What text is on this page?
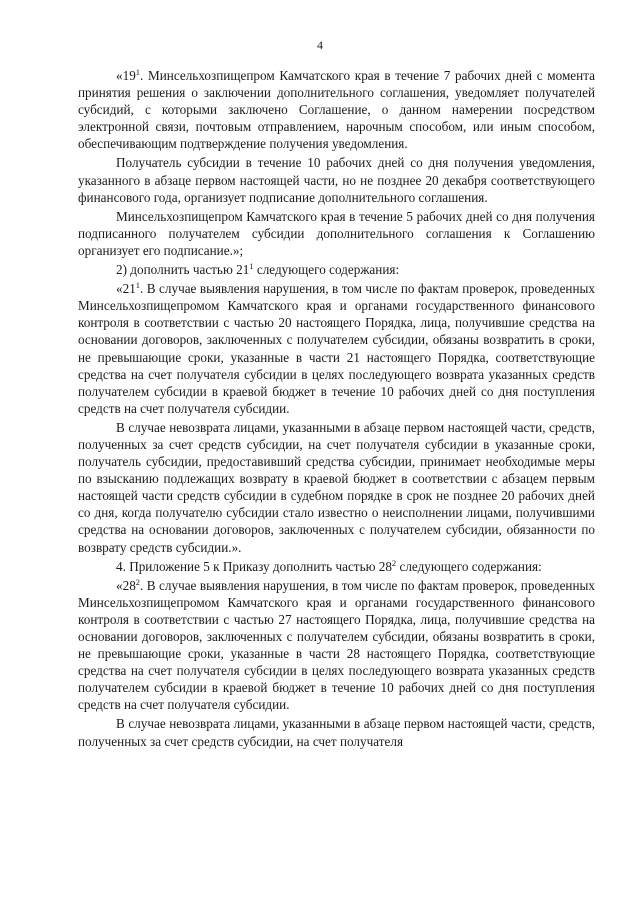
4

«$19^1$. Минсельхозпищепром Камчатского края в течение 7 рабочих дней с момента принятия решения о заключении дополнительного соглашения, уведомляет получателей субсидий, с которыми заключено Соглашение, о данном намерении посредством электронной связи, почтовым отправлением, нарочным способом, или иным способом, обеспечивающим подтверждение получения уведомления.

Получатель субсидии в течение 10 рабочих дней со дня получения уведомления, указанного в абзаце первом настоящей части, но не позднее 20 декабря соответствующего финансового года, организует подписание дополнительного соглашения.

Минсельхозпищепром Камчатского края в течение 5 рабочих дней со дня получения подписанного получателем субсидии дополнительного соглашения к Соглашению организует его подписание.»;

2) дополнить частью $21^1$ следующего содержания:

«$21^1$. В случае выявления нарушения, в том числе по фактам проверок, проведенных Минсельхозпищепромом Камчатского края и органами государственного финансового контроля в соответствии с частью 20 настоящего Порядка, лица, получившие средства на основании договоров, заключенных с получателем субсидии, обязаны возвратить в сроки, не превышающие сроки, указанные в части 21 настоящего Порядка, соответствующие средства на счет получателя субсидии в целях последующего возврата указанных средств получателем субсидии в краевой бюджет в течение 10 рабочих дней со дня поступления средств на счет получателя субсидии.

В случае невозврата лицами, указанными в абзаце первом настоящей части, средств, полученных за счет средств субсидии, на счет получателя субсидии в указанные сроки, получатель субсидии, предоставивший средства субсидии, принимает необходимые меры по взысканию подлежащих возврату в краевой бюджет в соответствии с абзацем первым настоящей части средств субсидии в судебном порядке в срок не позднее 20 рабочих дней со дня, когда получателю субсидии стало известно о неисполнении лицами, получившими средства на основании договоров, заключенных с получателем субсидии, обязанности по возврату средств субсидии.».

4. Приложение 5 к Приказу дополнить частью $28^2$ следующего содержания:

«$28^2$. В случае выявления нарушения, в том числе по фактам проверок, проведенных Минсельхозпищепромом Камчатского края и органами государственного финансового контроля в соответствии с частью 27 настоящего Порядка, лица, получившие средства на основании договоров, заключенных с получателем субсидии, обязаны возвратить в сроки, не превышающие сроки, указанные в части 28 настоящего Порядка, соответствующие средства на счет получателя субсидии в целях последующего возврата указанных средств получателем субсидии в краевой бюджет в течение 10 рабочих дней со дня поступления средств на счет получателя субсидии.

В случае невозврата лицами, указанными в абзаце первом настоящей части, средств, полученных за счет средств субсидии, на счет получателя
